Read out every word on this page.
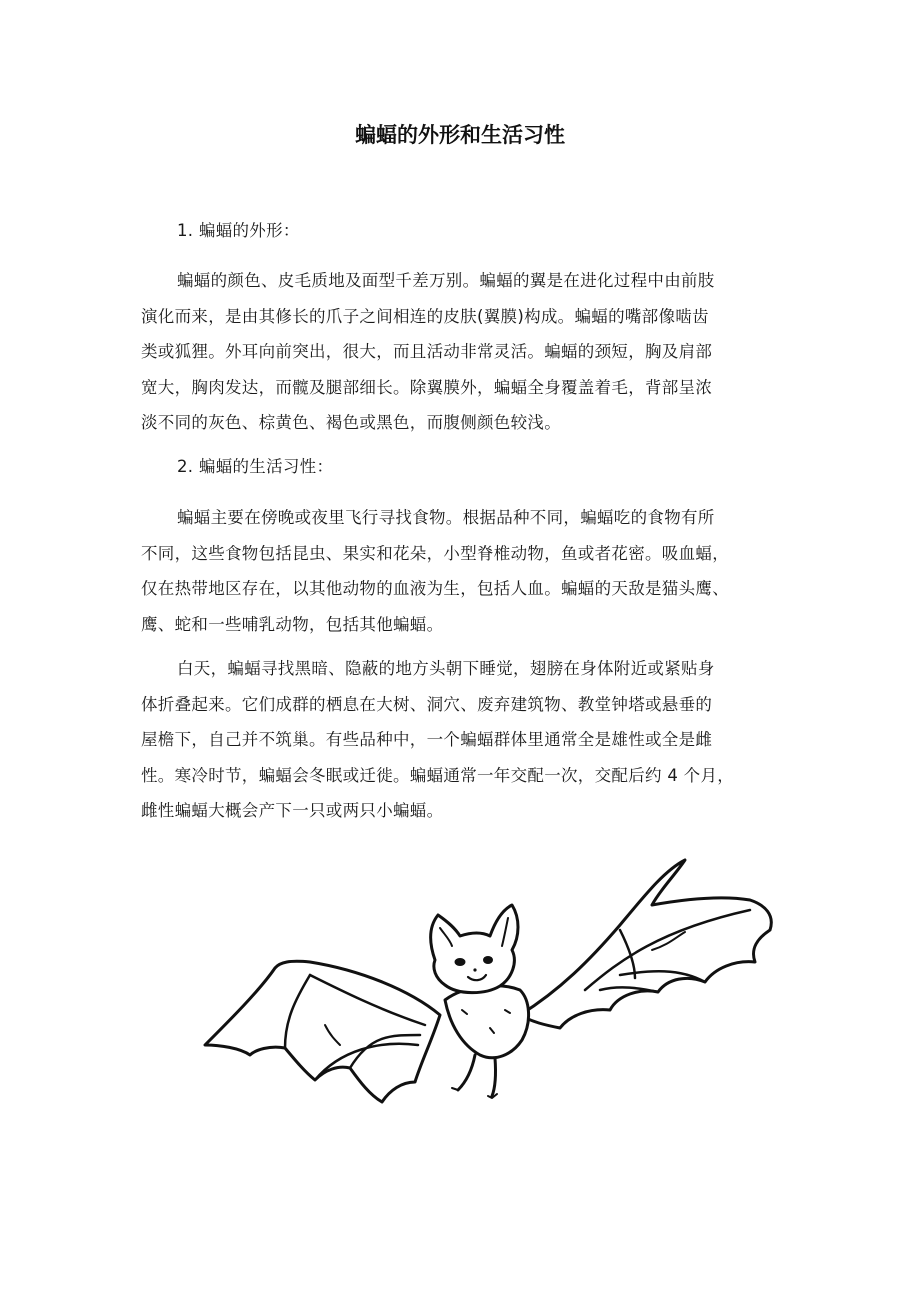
蝙蝠的外形和生活习性
1. 蝙蝠的外形：
蝙蝠的颜色、皮毛质地及面型千差万别。蝙蝠的翼是在进化过程中由前肢
演化而来，是由其修长的爪子之间相连的皮肤(翼膜)构成。蝙蝠的嘴部像啮齿
类或狐狸。外耳向前突出，很大，而且活动非常灵活。蝙蝠的颈短，胸及肩部
宽大，胸肉发达，而髋及腿部细长。除翼膜外，蝙蝠全身覆盖着毛，背部呈浓
淡不同的灰色、棕黄色、褐色或黑色，而腹侧颜色较浅。
2. 蝙蝠的生活习性：
蝙蝠主要在傍晚或夜里飞行寻找食物。根据品种不同，蝙蝠吃的食物有所
不同，这些食物包括昆虫、果实和花朵，小型脊椎动物，鱼或者花密。吸血蝠，
仅在热带地区存在，以其他动物的血液为生，包括人血。蝙蝠的天敌是猫头鹰、
鹰、蛇和一些哺乳动物，包括其他蝙蝠。
白天，蝙蝠寻找黑暗、隐蔽的地方头朝下睡觉，翅膀在身体附近或紧贴身
体折叠起来。它们成群的栖息在大树、洞穴、废弃建筑物、教堂钟塔或悬垂的
屋檐下，自己并不筑巢。有些品种中，一个蝙蝠群体里通常全是雄性或全是雌
性。寒冷时节，蝙蝠会冬眠或迁徙。蝙蝠通常一年交配一次，交配后约 4 个月，
雌性蝙蝠大概会产下一只或两只小蝙蝠。
